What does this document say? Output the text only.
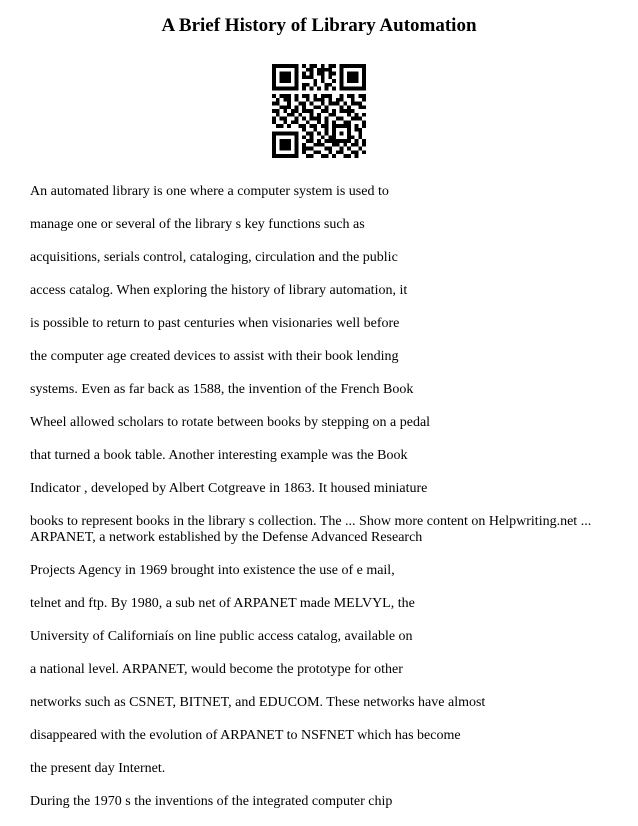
A Brief History of Library Automation

An automated library is one where a computer system is used to

manage one or several of the library s key functions such as

acquisitions, serials control, cataloging, circulation and the public

access catalog. When exploring the history of library automation, it

is possible to return to past centuries when visionaries well before

the computer age created devices to assist with their book lending

systems. Even as far back as 1588, the invention of the French Book

Wheel allowed scholars to rotate between books by stepping on a pedal

that turned a book table. Another interesting example was the Book

Indicator , developed by Albert Cotgreave in 1863. It housed miniature

books to represent books in the library s collection. The ... Show more content on Helpwriting.net ...

ARPANET, a network established by the Defense Advanced Research

Projects Agency in 1969 brought into existence the use of e mail,

telnet and ftp. By 1980, a sub net of ARPANET made MELVYL, the

University of Californiaís on line public access catalog, available on

a national level. ARPANET, would become the prototype for other

networks such as CSNET, BITNET, and EDUCOM. These networks have almost

disappeared with the evolution of ARPANET to NSFNET which has become

the present day Internet.

During the 1970 s the inventions of the integrated computer chip
